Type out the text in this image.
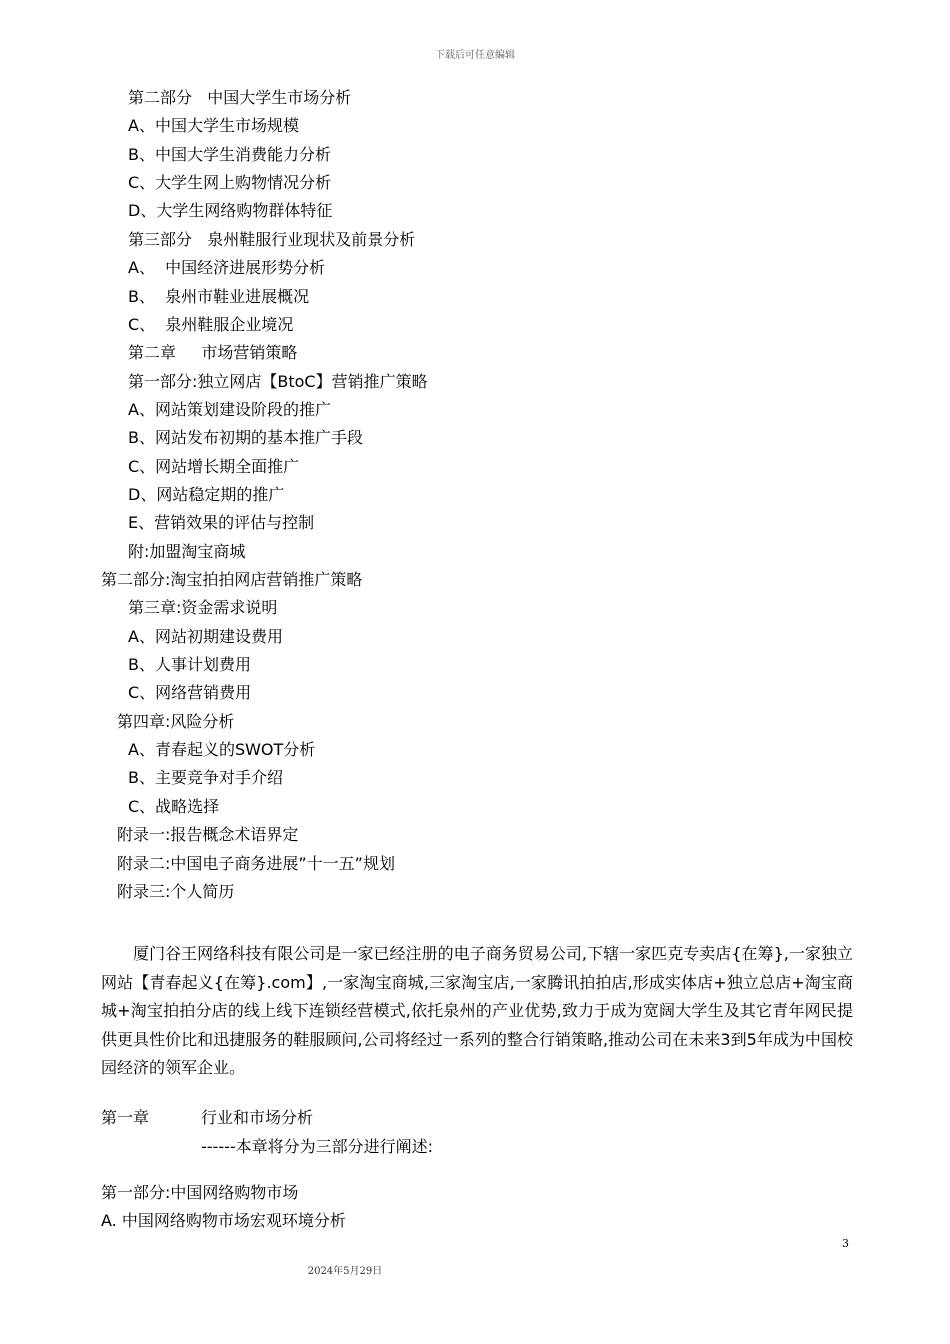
下载后可任意编辑
第二部分   中国大学生市场分析
A、中国大学生市场规模
B、中国大学生消费能力分析
C、大学生网上购物情况分析
D、大学生网络购物群体特征
第三部分   泉州鞋服行业现状及前景分析
A、  中国经济进展形势分析
B、  泉州市鞋业进展概况
C、  泉州鞋服企业境况
第二章     市场营销策略
第一部分:独立网店【BtoC】营销推广策略
A、网站策划建设阶段的推广
B、网站发布初期的基本推广手段
C、网站增长期全面推广
D、网站稳定期的推广
E、营销效果的评估与控制
附:加盟淘宝商城
第二部分:淘宝拍拍网店营销推广策略
第三章:资金需求说明
A、网站初期建设费用
B、人事计划费用
C、网络营销费用
第四章:风险分析
A、青春起义的SWOT分析
B、主要竞争对手介绍
C、战略选择
附录一:报告概念术语界定
附录二:中国电子商务进展”十一五”规划
附录三:个人简历
厦门谷王网络科技有限公司是一家已经注册的电子商务贸易公司,下辖一家匹克专卖店{在筹},一家独立网站【青春起义{在筹}.com】,一家淘宝商城,三家淘宝店,一家腾讯拍拍店,形成实体店+独立总店+淘宝商城+淘宝拍拍分店的线上线下连锁经营模式,依托泉州的产业优势,致力于成为宽阔大学生及其它青年网民提供更具性价比和迅捷服务的鞋服顾问,公司将经过一系列的整合行销策略,推动公司在未来3到5年成为中国校园经济的领军企业。
第一章	行业和市场分析
------本章将分为三部分进行阐述:
第一部分:中国网络购物市场
A. 中国网络购物市场宏观环境分析
3
2024年5月29日
